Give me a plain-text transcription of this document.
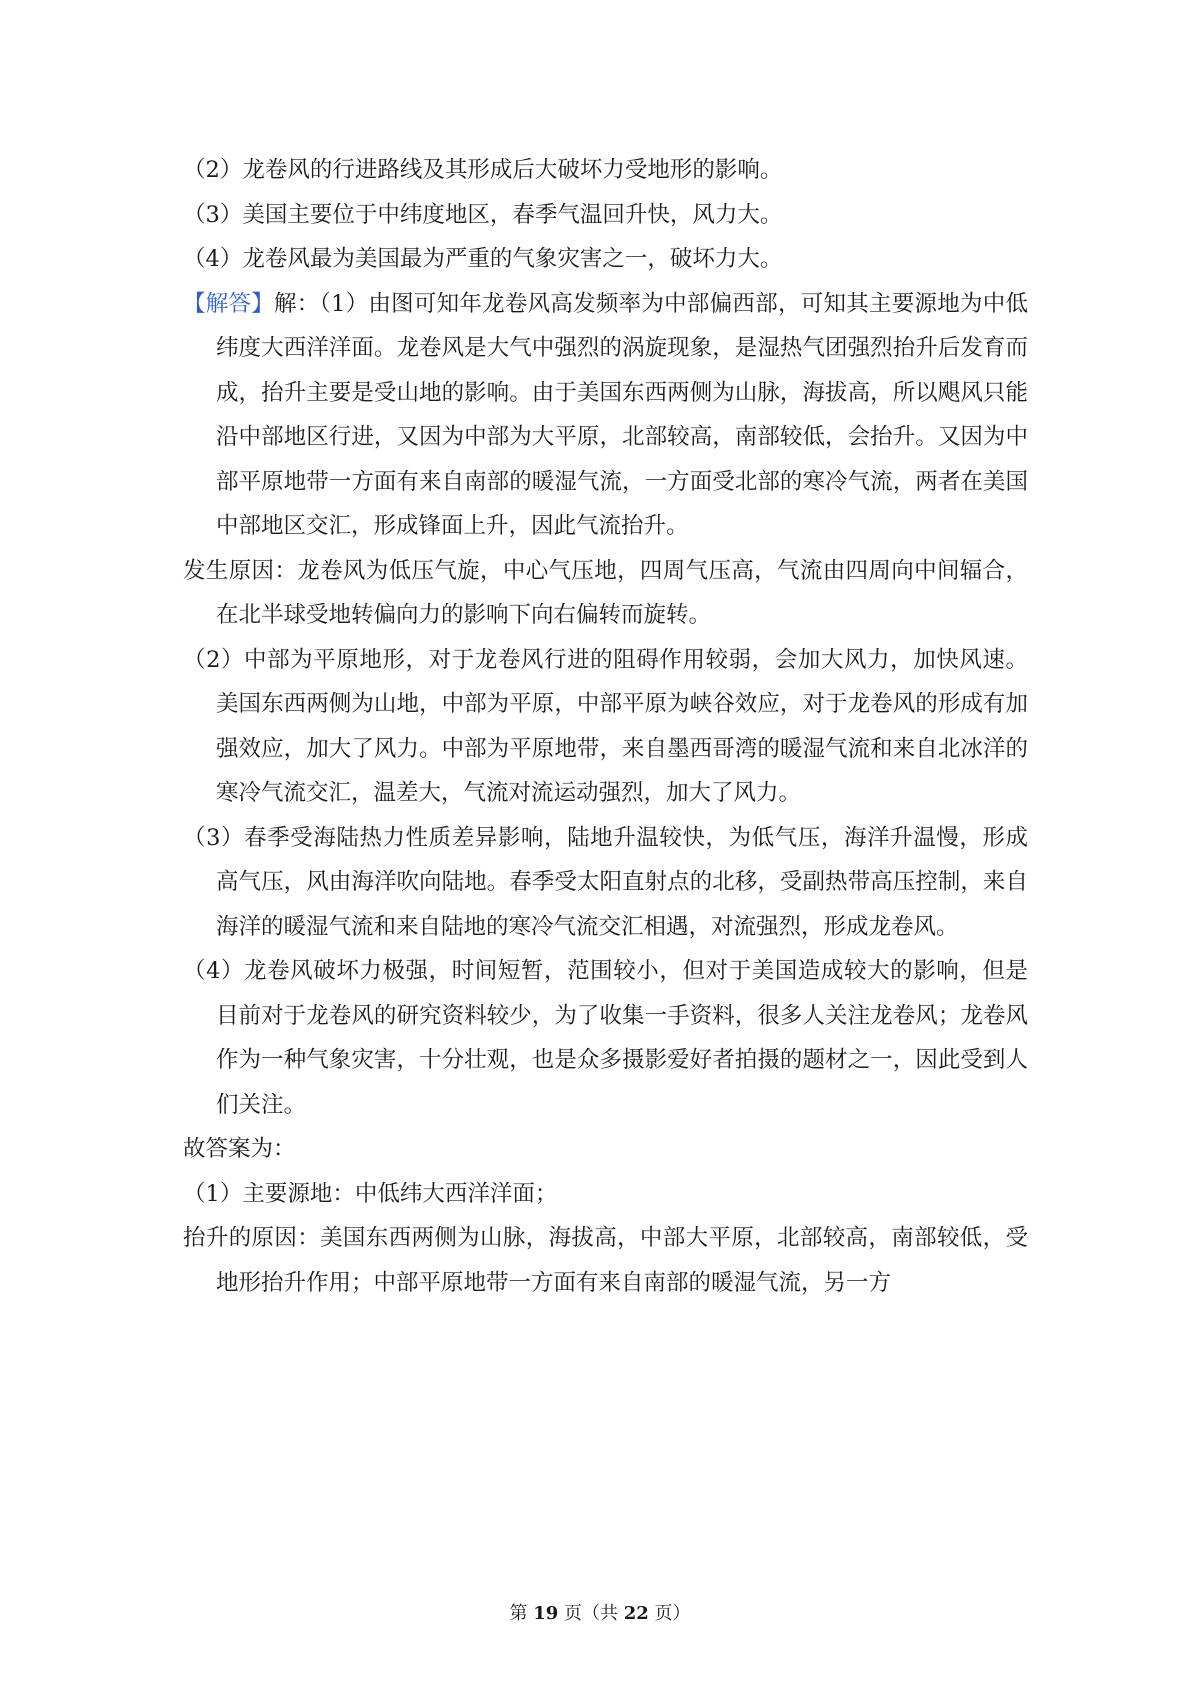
（2）龙卷风的行进路线及其形成后大破坏力受地形的影响。

（3）美国主要位于中纬度地区，春季气温回升快，风力大。

（4）龙卷风最为美国最为严重的气象灾害之一，破坏力大。

【解答】解：（1）由图可知年龙卷风高发频率为中部偏西部，可知其主要源地为中低纬度大西洋洋面。龙卷风是大气中强烈的涡旋现象，是湿热气团强烈抬升后发育而成，抬升主要是受山地的影响。由于美国东西两侧为山脉，海拔高，所以飓风只能沿中部地区行进，又因为中部为大平原，北部较高，南部较低，会抬升。又因为中部平原地带一方面有来自南部的暖湿气流，一方面受北部的寒冷气流，两者在美国中部地区交汇，形成锋面上升，因此气流抬升。

发生原因：龙卷风为低压气旋，中心气压地，四周气压高，气流由四周向中间辐合，在北半球受地转偏向力的影响下向右偏转而旋转。

（2）中部为平原地形，对于龙卷风行进的阻碍作用较弱，会加大风力，加快风速。美国东西两侧为山地，中部为平原，中部平原为峡谷效应，对于龙卷风的形成有加强效应，加大了风力。中部为平原地带，来自墨西哥湾的暖湿气流和来自北冰洋的寒冷气流交汇，温差大，气流对流运动强烈，加大了风力。

（3）春季受海陆热力性质差异影响，陆地升温较快，为低气压，海洋升温慢，形成高气压，风由海洋吹向陆地。春季受太阳直射点的北移，受副热带高压控制，来自海洋的暖湿气流和来自陆地的寒冷气流交汇相遇，对流强烈，形成龙卷风。

（4）龙卷风破坏力极强，时间短暂，范围较小，但对于美国造成较大的影响，但是目前对于龙卷风的研究资料较少，为了收集一手资料，很多人关注龙卷风；龙卷风作为一种气象灾害，十分壮观，也是众多摄影爱好者拍摄的题材之一，因此受到人们关注。

故答案为：

（1）主要源地：中低纬大西洋洋面；

抬升的原因：美国东西两侧为山脉，海拔高，中部大平原，北部较高，南部较低，受地形抬升作用；中部平原地带一方面有来自南部的暖湿气流，另一方

第 19 页（共 22 页）
